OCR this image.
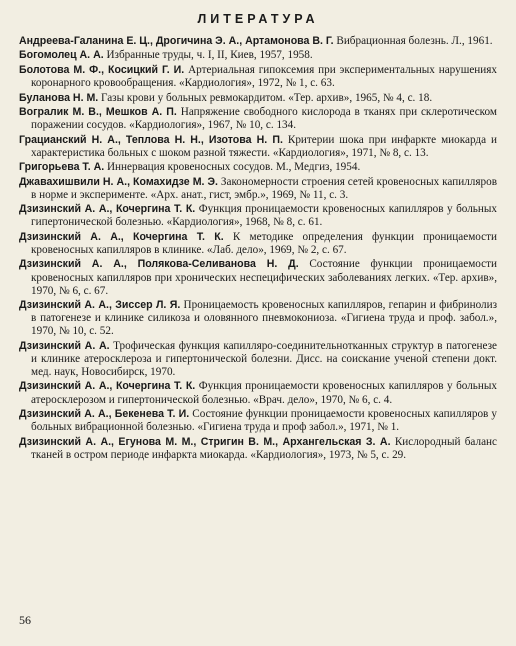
ЛИТЕРАТУРА

Андреева-Галанина Е. Ц., Дрогичина Э. А., Артамонова В. Г. Вибрационная болезнь. Л., 1961.

Богомолец А. А. Избранные труды, ч. I, II, Киев, 1957, 1958.

Болотова М. Ф., Косицкий Г. И. Артериальная гипоксемия при экспериментальных нарушениях коронарного кровообращения. «Кардиология», 1972, № 1, с. 63.

Буланова Н. М. Газы крови у больных ревмокардитом. «Тер. архив», 1965, № 4, с. 18.

Вогралик М. В., Мешков А. П. Напряжение свободного кислорода в тканях при склеротическом поражении сосудов. «Кардиология», 1967, № 10, с. 134.

Грацианский Н. А., Теплова Н. Н., Изотова Н. П. Критерии шока при инфаркте миокарда и характеристика больных с шоком разной тяжести. «Кардиология», 1971, № 8, с. 13.

Григорьева Т. А. Иннервация кровеносных сосудов. М., Медгиз, 1954.

Джавахишвили Н. А., Комахидзе М. Э. Закономерности строения сетей кровеносных капилляров в норме и эксперименте. «Арх. анат., гист, эмбр.», 1969, № 11, с. 3.

Дзизинский А. А., Кочергина Т. К. Функция проницаемости кровеносных капилляров у больных гипертонической болезнью. «Кардиология», 1968, № 8, с. 61.

Дзизинский А. А., Кочергина Т. К. К методике определения функции проницаемости кровеносных капилляров в клинике. «Лаб. дело», 1969, № 2, с. 67.

Дзизинский А. А., Полякова-Селиванова Н. Д. Состояние функции проницаемости кровеносных капилляров при хронических неспецифических заболеваниях легких. «Тер. архив», 1970, № 6, с. 67.

Дзизинский А. А., Зиссер Л. Я. Проницаемость кровеносных капилляров, гепарин и фибринолиз в патогенезе и клинике силикоза и оловянного пневмокониоза. «Гигиена труда и проф. забол.», 1970, № 10, с. 52.

Дзизинский А. А. Трофическая функция капилляро-соединительнотканных структур в патогенезе и клинике атеросклероза и гипертонической болезни. Дисс. на соискание ученой степени докт. мед. наук, Новосибирск, 1970.

Дзизинский А. А., Кочергина Т. К. Функция проницаемости кровеносных капилляров у больных атеросклерозом и гипертонической болезнью. «Врач. дело», 1970, № 6, с. 4.

Дзизинский А. А., Бекенева Т. И. Состояние функции проницаемости кровеносных капилляров у больных вибрационной болезнью. «Гигиена труда и проф забол.», 1971, № 1.

Дзизинский А. А., Егунова М. М., Стригин В. М., Архангельская З. А. Кислородный баланс тканей в остром периоде инфаркта миокарда. «Кардиология», 1973, № 5, с. 29.

56
